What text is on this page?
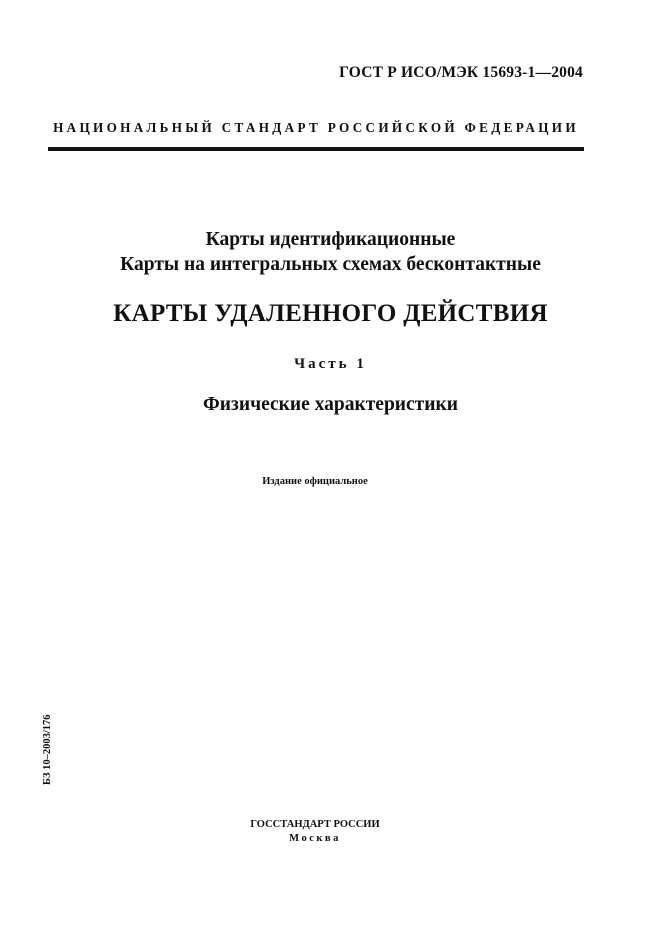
ГОСТ Р ИСО/МЭК 15693-1—2004
НАЦИОНАЛЬНЫЙ СТАНДАРТ РОССИЙСКОЙ ФЕДЕРАЦИИ
Карты идентификационные
Карты на интегральных схемах бесконтактные
КАРТЫ УДАЛЕННОГО ДЕЙСТВИЯ
Часть 1
Физические характеристики
Издание официальное
БЗ 10–2003/176
ГОССТАНДАРТ РОССИИ
Москва
